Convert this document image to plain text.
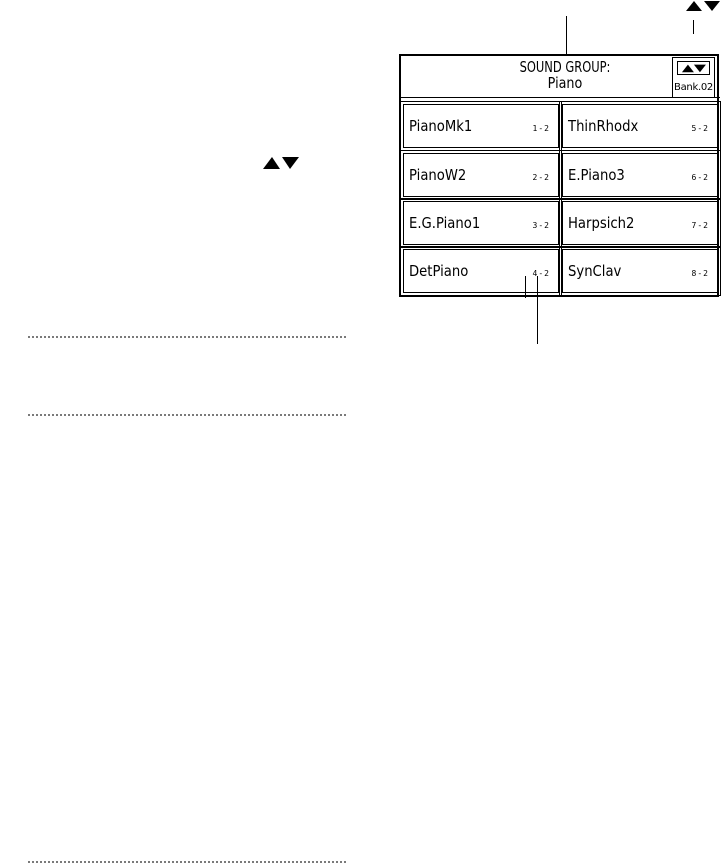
SOUND GROUP:
Piano	Bank.02
PianoMk1	1-2
PianoW2	2-2
E.G.Piano1	3-2
DetPiano	4-2
ThinRhodx	5-2
E.Piano3	6-2
Harpsich2	7-2
SynClav	8-2
